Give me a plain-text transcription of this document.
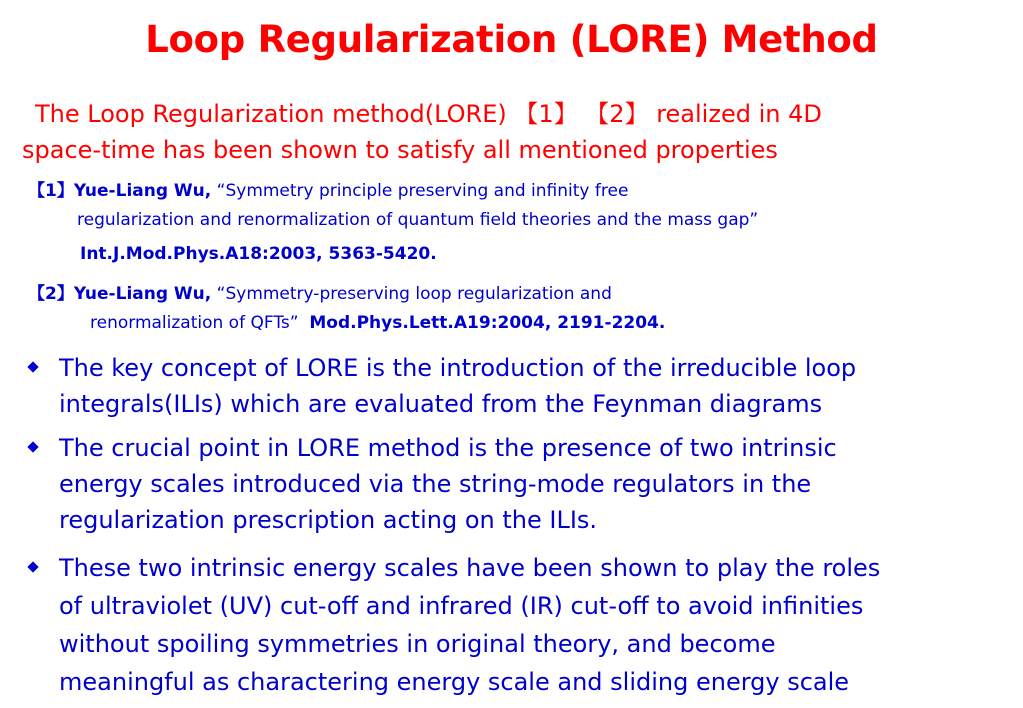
Loop Regularization (LORE) Method
The Loop Regularization method(LORE) 【1】 【2】 realized in 4D
space-time has been shown to satisfy all mentioned properties
【1】Yue-Liang Wu, “Symmetry principle preserving and infinity free
regularization and renormalization of quantum field theories and the mass gap”
Int.J.Mod.Phys.A18:2003, 5363-5420.
【2】Yue-Liang Wu, “Symmetry-preserving loop regularization and
renormalization of QFTs” Mod.Phys.Lett.A19:2004, 2191-2204.
The key concept of LORE is the introduction of the irreducible loop
integrals(ILIs) which are evaluated from the Feynman diagrams
The crucial point in LORE method is the presence of two intrinsic
energy scales introduced via the string-mode regulators in the
regularization prescription acting on the ILIs.
These two intrinsic energy scales have been shown to play the roles
of ultraviolet (UV) cut-off and infrared (IR) cut-off to avoid infinities
without spoiling symmetries in original theory, and become
meaningful as charactering energy scale and sliding energy scale
